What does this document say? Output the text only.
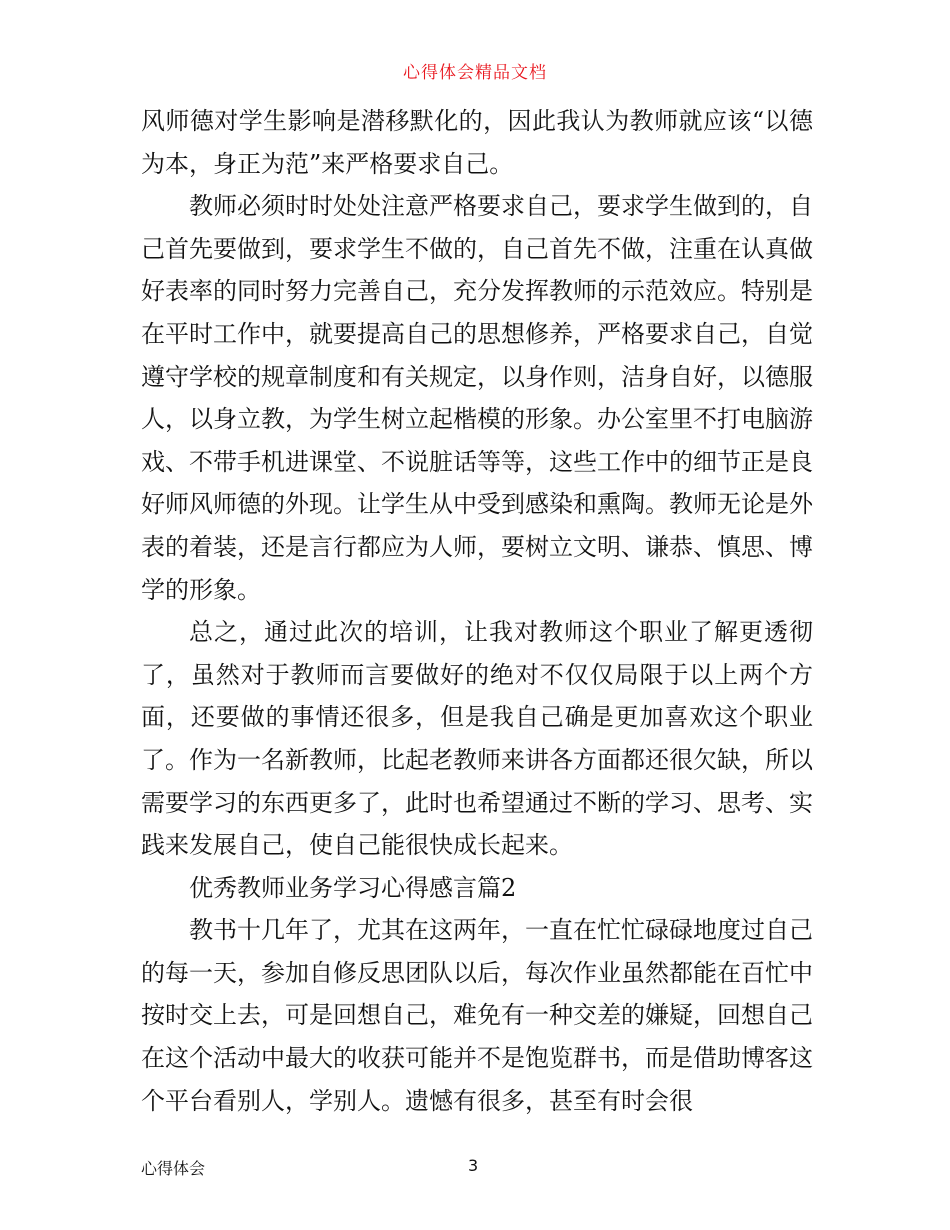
心得体会精品文档

风师德对学生影响是潜移默化的，因此我认为教师就应该“以德为本，身正为范”来严格要求自己。

教师必须时时处处注意严格要求自己，要求学生做到的，自己首先要做到，要求学生不做的，自己首先不做，注重在认真做好表率的同时努力完善自己，充分发挥教师的示范效应。特别是在平时工作中，就要提高自己的思想修养，严格要求自己，自觉遵守学校的规章制度和有关规定，以身作则，洁身自好，以德服人，以身立教，为学生树立起楷模的形象。办公室里不打电脑游戏、不带手机进课堂、不说脏话等等，这些工作中的细节正是良好师风师德的外现。让学生从中受到感染和熏陶。教师无论是外表的着装，还是言行都应为人师，要树立文明、谦恭、慎思、博学的形象。

总之，通过此次的培训，让我对教师这个职业了解更透彻了，虽然对于教师而言要做好的绝对不仅仅局限于以上两个方面，还要做的事情还很多，但是我自己确是更加喜欢这个职业了。作为一名新教师，比起老教师来讲各方面都还很欠缺，所以需要学习的东西更多了，此时也希望通过不断的学习、思考、实践来发展自己，使自己能很快成长起来。

优秀教师业务学习心得感言篇2

教书十几年了，尤其在这两年，一直在忙忙碌碌地度过自己的每一天，参加自修反思团队以后，每次作业虽然都能在百忙中按时交上去，可是回想自己，难免有一种交差的嫌疑，回想自己在这个活动中最大的收获可能并不是饱览群书，而是借助博客这个平台看别人，学别人。遗憾有很多，甚至有时会很

心得体会	3
